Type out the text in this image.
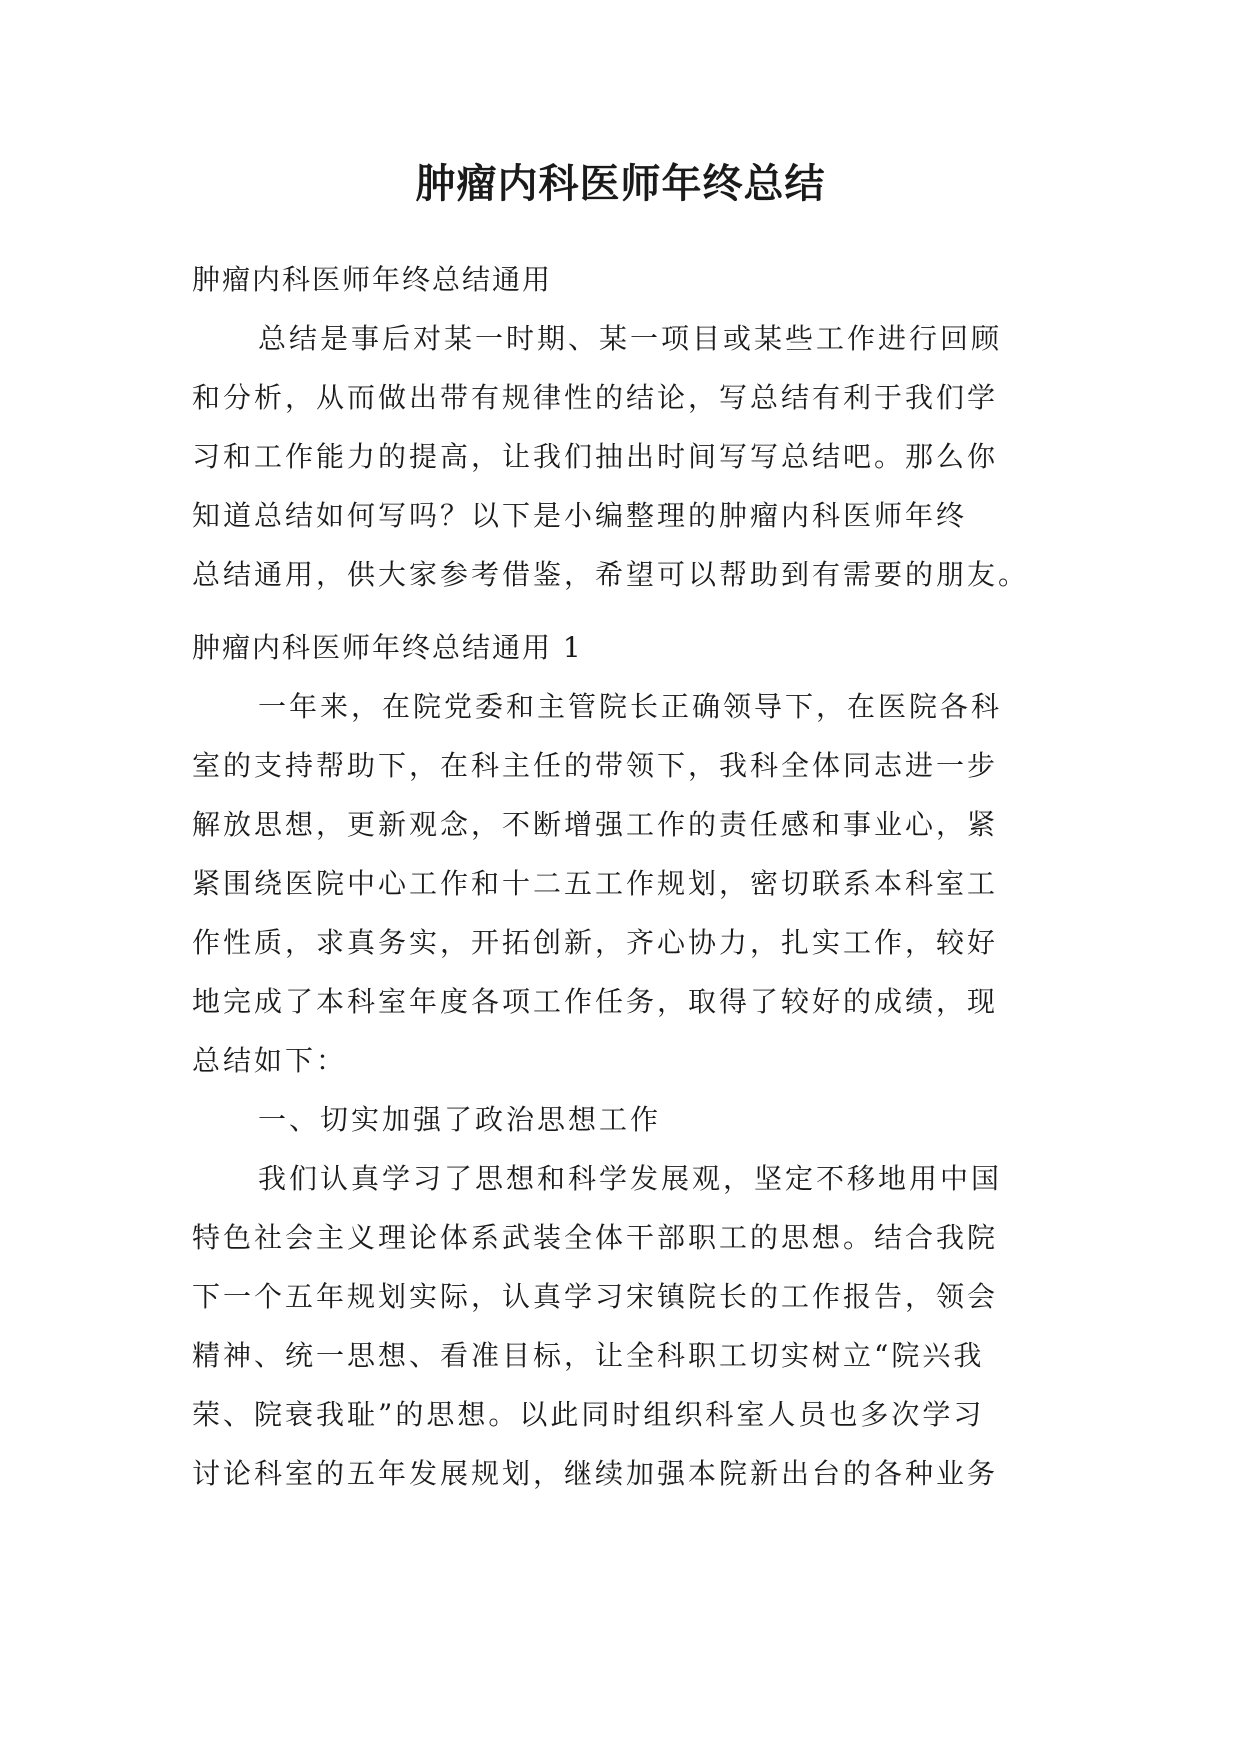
肿瘤内科医师年终总结
肿瘤内科医师年终总结通用
总结是事后对某一时期、某一项目或某些工作进行回顾
和分析，从而做出带有规律性的结论，写总结有利于我们学
习和工作能力的提高，让我们抽出时间写写总结吧。那么你
知道总结如何写吗？以下是小编整理的肿瘤内科医师年终
总结通用，供大家参考借鉴，希望可以帮助到有需要的朋友。
肿瘤内科医师年终总结通用 1
一年来，在院党委和主管院长正确领导下，在医院各科
室的支持帮助下，在科主任的带领下，我科全体同志进一步
解放思想，更新观念，不断增强工作的责任感和事业心，紧
紧围绕医院中心工作和十二五工作规划，密切联系本科室工
作性质，求真务实，开拓创新，齐心协力，扎实工作，较好
地完成了本科室年度各项工作任务，取得了较好的成绩，现
总结如下：
一、切实加强了政治思想工作
我们认真学习了思想和科学发展观，坚定不移地用中国
特色社会主义理论体系武装全体干部职工的思想。结合我院
下一个五年规划实际，认真学习宋镇院长的工作报告，领会
精神、统一思想、看准目标，让全科职工切实树立“院兴我
荣、院衰我耻”的思想。以此同时组织科室人员也多次学习
讨论科室的五年发展规划，继续加强本院新出台的各种业务
